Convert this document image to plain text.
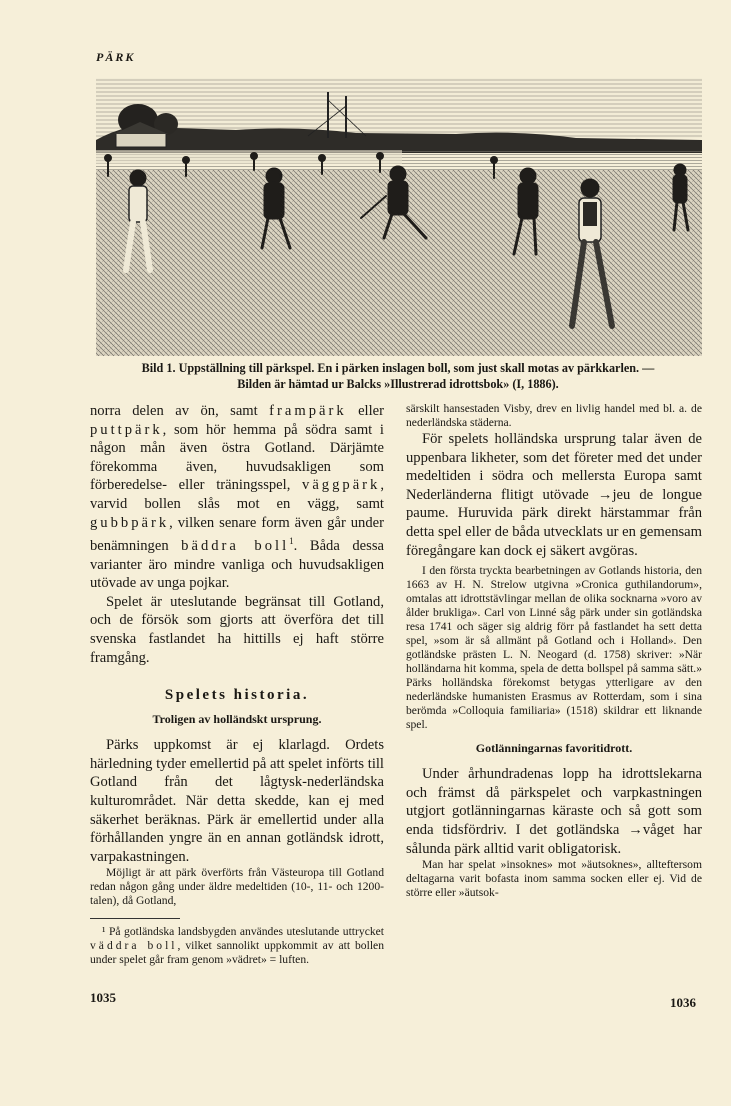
PÄRK
Bild 1. Uppställning till pärkspel. En i pärken inslagen boll, som just skall motas av pärkkarlen. —
Bilden är hämtad ur Balcks »Illustrerad idrottsbok» (I, 1886).

norra delen av ön, samt frampärk eller puttpärk, som hör hemma på södra samt i någon mån även östra Gotland. Därjämte förekomma även, huvudsakligen som förberedelse- eller träningsspel, väggpärk, varvid bollen slås mot en vägg, samt gubbpärk, vilken senare form även går under benämningen bäddra boll$^1$. Båda dessa varianter äro mindre vanliga och huvudsakligen utövade av unga pojkar.

Spelet är uteslutande begränsat till Gotland, och de försök som gjorts att överföra det till svenska fastlandet ha hittills ej haft större framgång.

Spelets historia.
Troligen av holländskt ursprung.

Pärks uppkomst är ej klarlagd. Ordets härledning tyder emellertid på att spelet införts till Gotland från det lågtysk-nederländska kulturområdet. När detta skedde, kan ej med säkerhet beräknas. Pärk är emellertid under alla förhållanden yngre än en annan gotländsk idrott, varpakastningen.

Möjligt är att pärk överförts från Västeuropa till Gotland redan någon gång under äldre medeltiden (10-, 11- och 1200-talen), då Gotland,

¹ På gotländska landsbygden användes uteslutande uttrycket väddra boll, vilket sannolikt uppkommit av att bollen under spelet går fram genom »vädret» = luften.

1035

särskilt hansestaden Visby, drev en livlig handel med bl. a. de nederländska städerna.

För spelets holländska ursprung talar även de uppenbara likheter, som det företer med det under medeltiden i södra och mellersta Europa samt Nederländerna flitigt utövade →jeu de longue paume. Huruvida pärk direkt härstammar från detta spel eller de båda utvecklats ur en gemensam föregångare kan dock ej säkert avgöras.

I den första tryckta bearbetningen av Gotlands historia, den 1663 av H. N. Strelow utgivna »Cronica guthilandorum», omtalas att idrottstävlingar mellan de olika socknarna »voro av ålder brukliga». Carl von Linné såg pärk under sin gotländska resa 1741 och säger sig aldrig förr på fastlandet ha sett detta spel, »som är så allmänt på Gotland och i Holland». Den gotländske prästen L. N. Neogard (d. 1758) skriver: »När holländarna hit komma, spela de detta bollspel på samma sätt.» Pärks holländska förekomst betygas ytterligare av den nederländske humanisten Erasmus av Rotterdam, som i sina berömda »Colloquia familiaria» (1518) skildrar ett liknande spel.

Gotlänningarnas favoritidrott.

Under århundradenas lopp ha idrottslekarna och främst då pärkspelet och varpkastningen utgjort gotlänningarnas käraste och så gott som enda tidsfördriv. I det gotländska →våget har sålunda pärk alltid varit obligatorisk.

Man har spelat »insoknes» mot »äutsoknes», allteftersom deltagarna varit bofasta inom samma socken eller ej. Vid de större eller »äutsok-

1036
